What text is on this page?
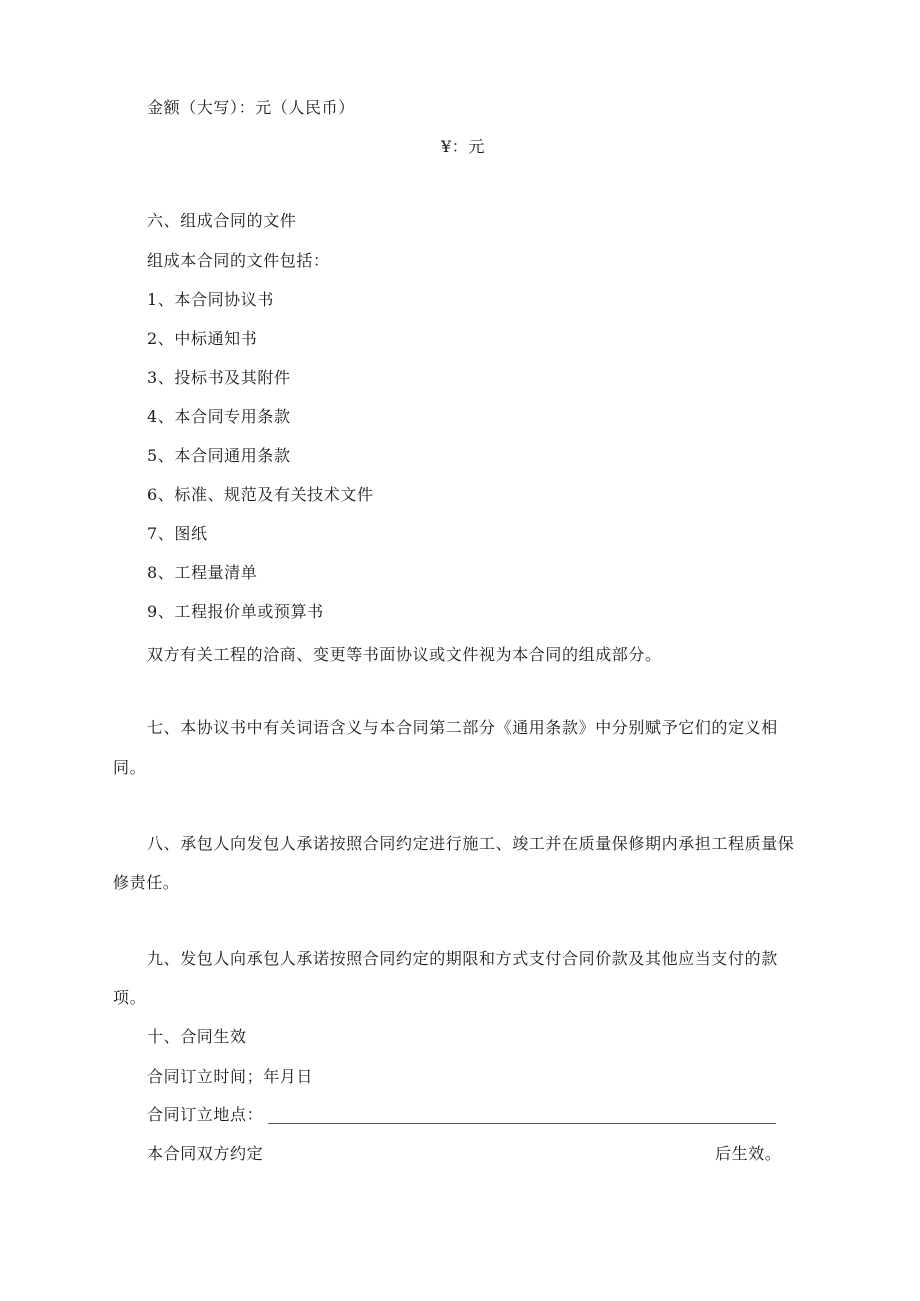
金额（大写）：元（人民币）
¥：元
六、组成合同的文件
组成本合同的文件包括：
1、本合同协议书
2、中标通知书
3、投标书及其附件
4、本合同专用条款
5、本合同通用条款
6、标准、规范及有关技术文件
7、图纸
8、工程量清单
9、工程报价单或预算书
双方有关工程的洽商、变更等书面协议或文件视为本合同的组成部分。
七、本协议书中有关词语含义与本合同第二部分《通用条款》中分别赋予它们的定义相
同。
八、承包人向发包人承诺按照合同约定进行施工、竣工并在质量保修期内承担工程质量保
修责任。
九、发包人向承包人承诺按照合同约定的期限和方式支付合同价款及其他应当支付的款
项。
十、合同生效
合同订立时间；年月日
合同订立地点：
本合同双方约定	后生效。
